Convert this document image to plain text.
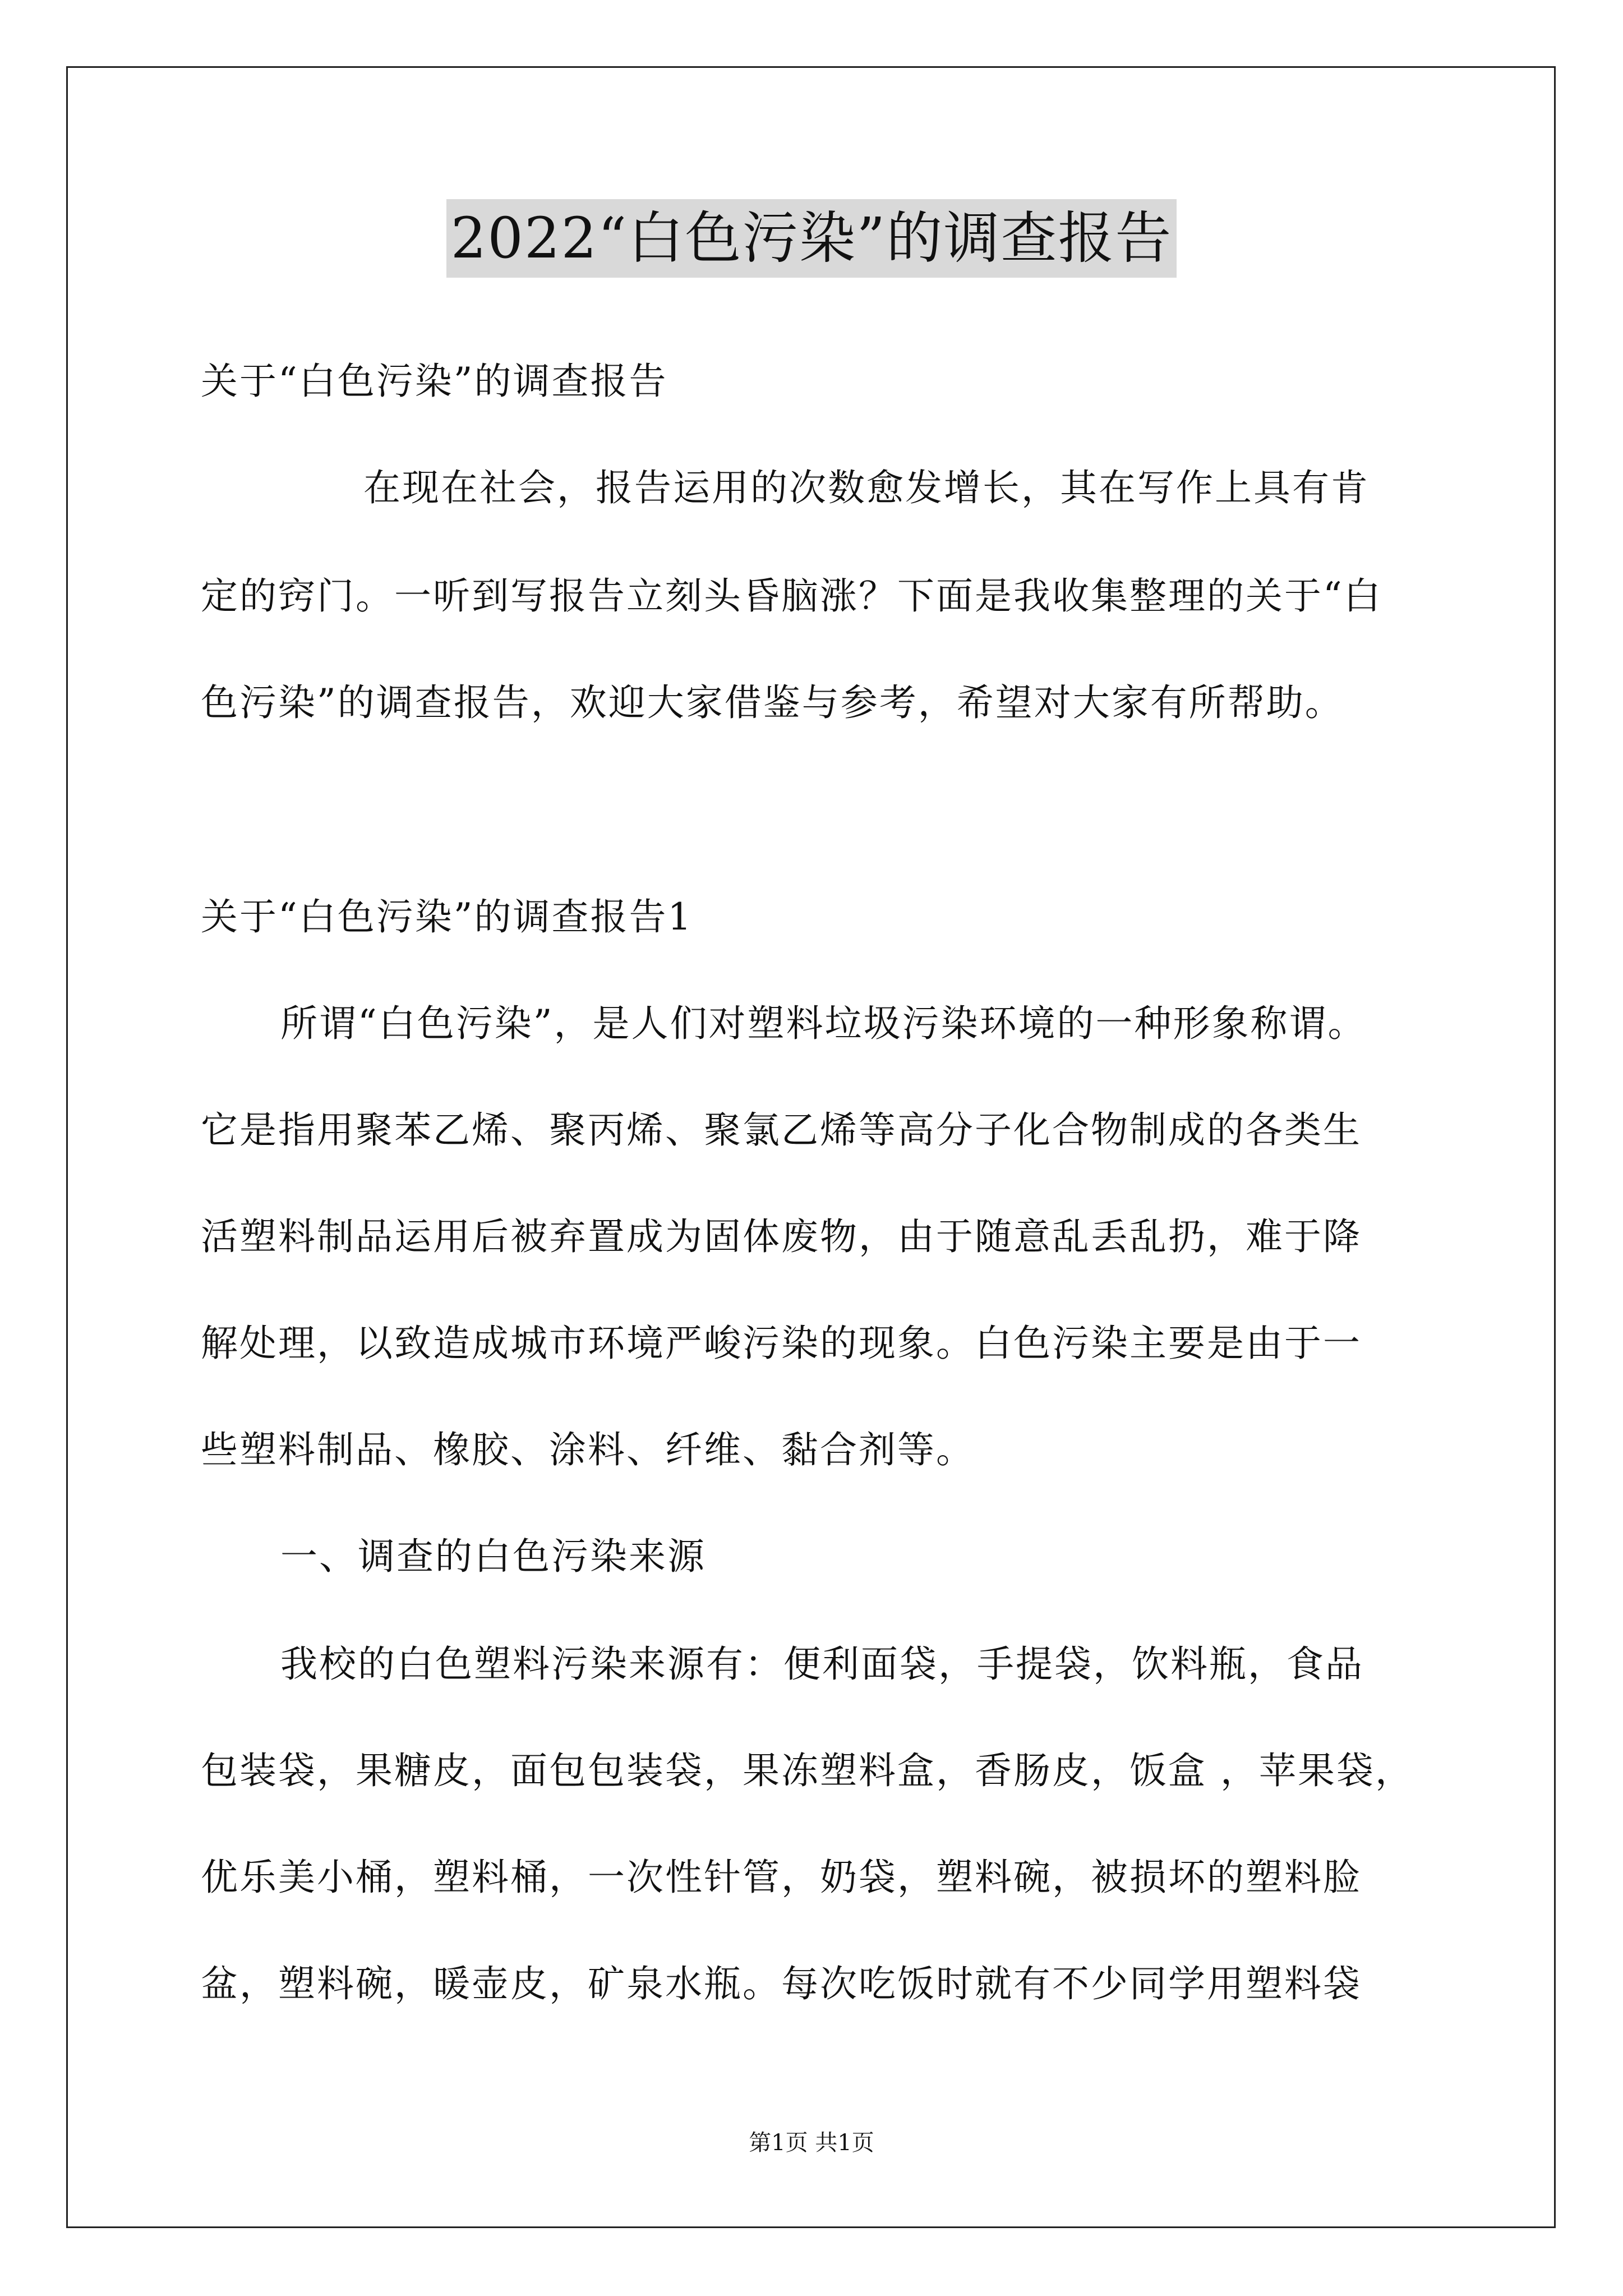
2022“白色污染”的调查报告
关于“白色污染”的调查报告
在现在社会，报告运用的次数愈发增长，其在写作上具有肯
定的窍门。一听到写报告立刻头昏脑涨？下面是我收集整理的关于“白
色污染”的调查报告，欢迎大家借鉴与参考，希望对大家有所帮助。
关于“白色污染”的调查报告1
所谓“白色污染”，是人们对塑料垃圾污染环境的一种形象称谓。
它是指用聚苯乙烯、聚丙烯、聚氯乙烯等高分子化合物制成的各类生
活塑料制品运用后被弃置成为固体废物，由于随意乱丢乱扔，难于降
解处理，以致造成城市环境严峻污染的现象。白色污染主要是由于一
些塑料制品、橡胶、涂料、纤维、黏合剂等。
一、调查的白色污染来源
我校的白色塑料污染来源有：便利面袋，手提袋，饮料瓶，食品
包装袋，果糖皮，面包包装袋，果冻塑料盒，香肠皮，饭盒 ，苹果袋，
优乐美小桶，塑料桶，一次性针管，奶袋，塑料碗，被损坏的塑料脸
盆，塑料碗，暖壶皮，矿泉水瓶。每次吃饭时就有不少同学用塑料袋
第1页 共1页
